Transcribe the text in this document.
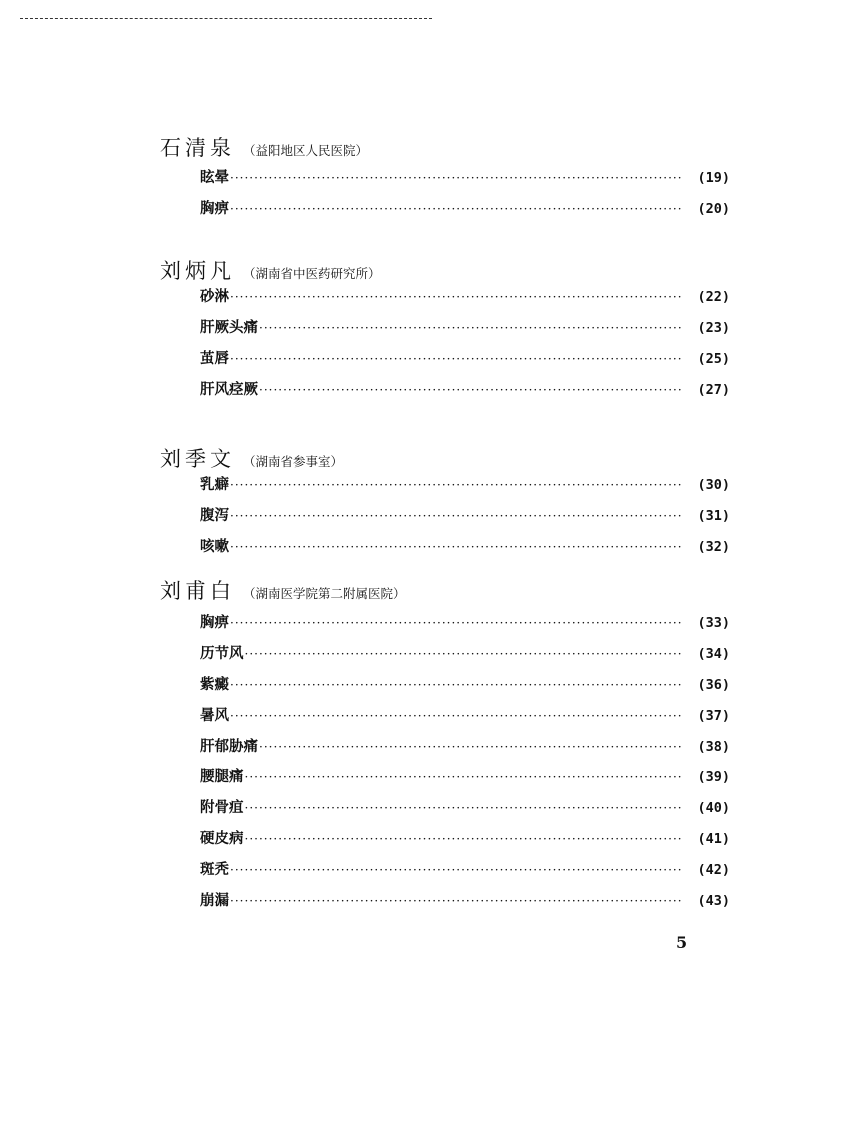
石清泉 （益阳地区人民医院）
眩晕 ·····	(19)
胸痹 ·····	(20)
刘炳凡 （湖南省中医药研究所）
砂淋 ·····	(22)
肝厥头痛 ·····	(23)
茧唇 ·····	(25)
肝风痉厥 ·····	(27)
刘季文 （湖南省参事室）
乳癖 ·····	(30)
腹泻 ·····	(31)
咳嗽 ·····	(32)
刘甫白 （湖南医学院第二附属医院）
胸痹 ·····	(33)
历节风 ·····	(34)
紫癜 ·····	(36)
暑风 ·····	(37)
肝郁胁痛 ·····	(38)
腰腿痛 ·····	(39)
附骨疽 ·····	(40)
硬皮病 ·····	(41)
斑秃 ·····	(42)
崩漏 ·····	(43)
5
